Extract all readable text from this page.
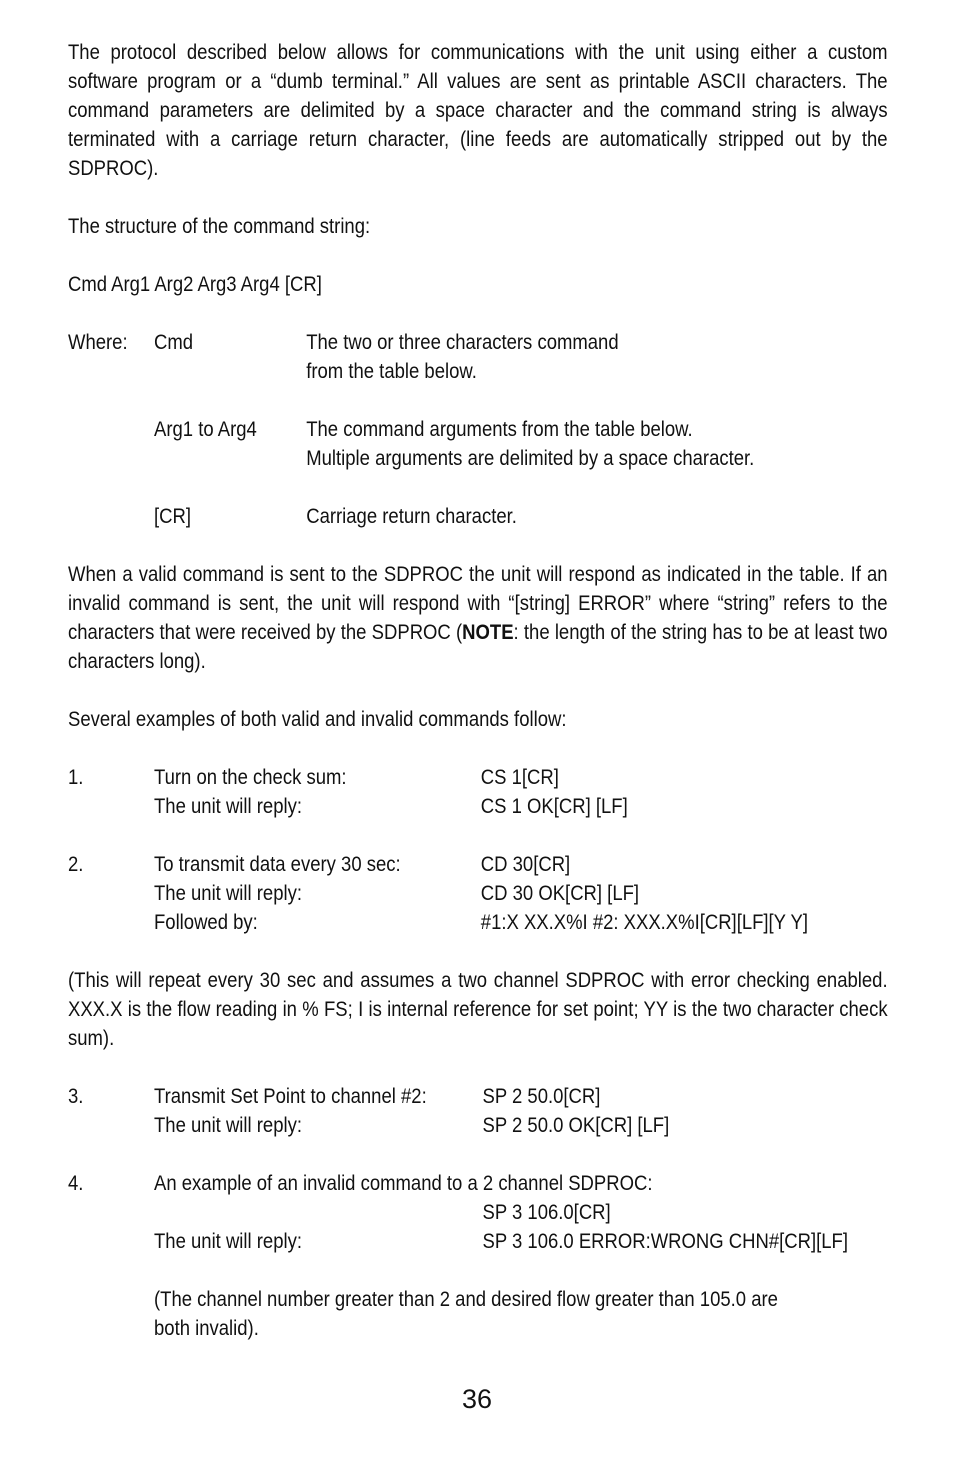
The protocol described below allows for communications with the unit using either a custom software program or a “dumb terminal.” All values are sent as printable ASCII characters. The command parameters are delimited by a space character and the command string is always terminated with a carriage return character, (line feeds are automatically stripped out by the SDPROC).

The structure of the command string:

Cmd Arg1 Arg2 Arg3 Arg4 [CR]

Where: Cmd	The two or three characters command
from the table below.
Arg1 to Arg4 The command arguments from the table below.
Multiple arguments are delimited by a space character.
[CR]	Carriage return character.

When a valid command is sent to the SDPROC the unit will respond as indicated in the table. If an invalid command is sent, the unit will respond with “[string] ERROR” where “string” refers to the characters that were received by the SDPROC (NOTE: the length of the string has to be at least two characters long).

Several examples of both valid and invalid commands follow:

1.	Turn on the check sum:	CS 1[CR]
The unit will reply:	CS 1 OK[CR] [LF]
2.	To transmit data every 30 sec:	CD 30[CR]
The unit will reply:	CD 30 OK[CR] [LF]
Followed by:	#1:X XX.X%I #2: XXX.X%I[CR][LF][Y Y]

(This will repeat every 30 sec and assumes a two channel SDPROC with error checking enabled. XXX.X is the flow reading in % FS; I is internal reference for set point; YY is the two character check sum).

3.	Transmit Set Point to channel #2:	SP 2 50.0[CR]
The unit will reply:	SP 2 50.0 OK[CR] [LF]
4.	An example of an invalid command to a 2 channel SDPROC:
SP 3 106.0[CR]
The unit will reply:	SP 3 106.0 ERROR:WRONG CHN#[CR][LF]
(The channel number greater than 2 and desired flow greater than 105.0 are
both invalid).
36
